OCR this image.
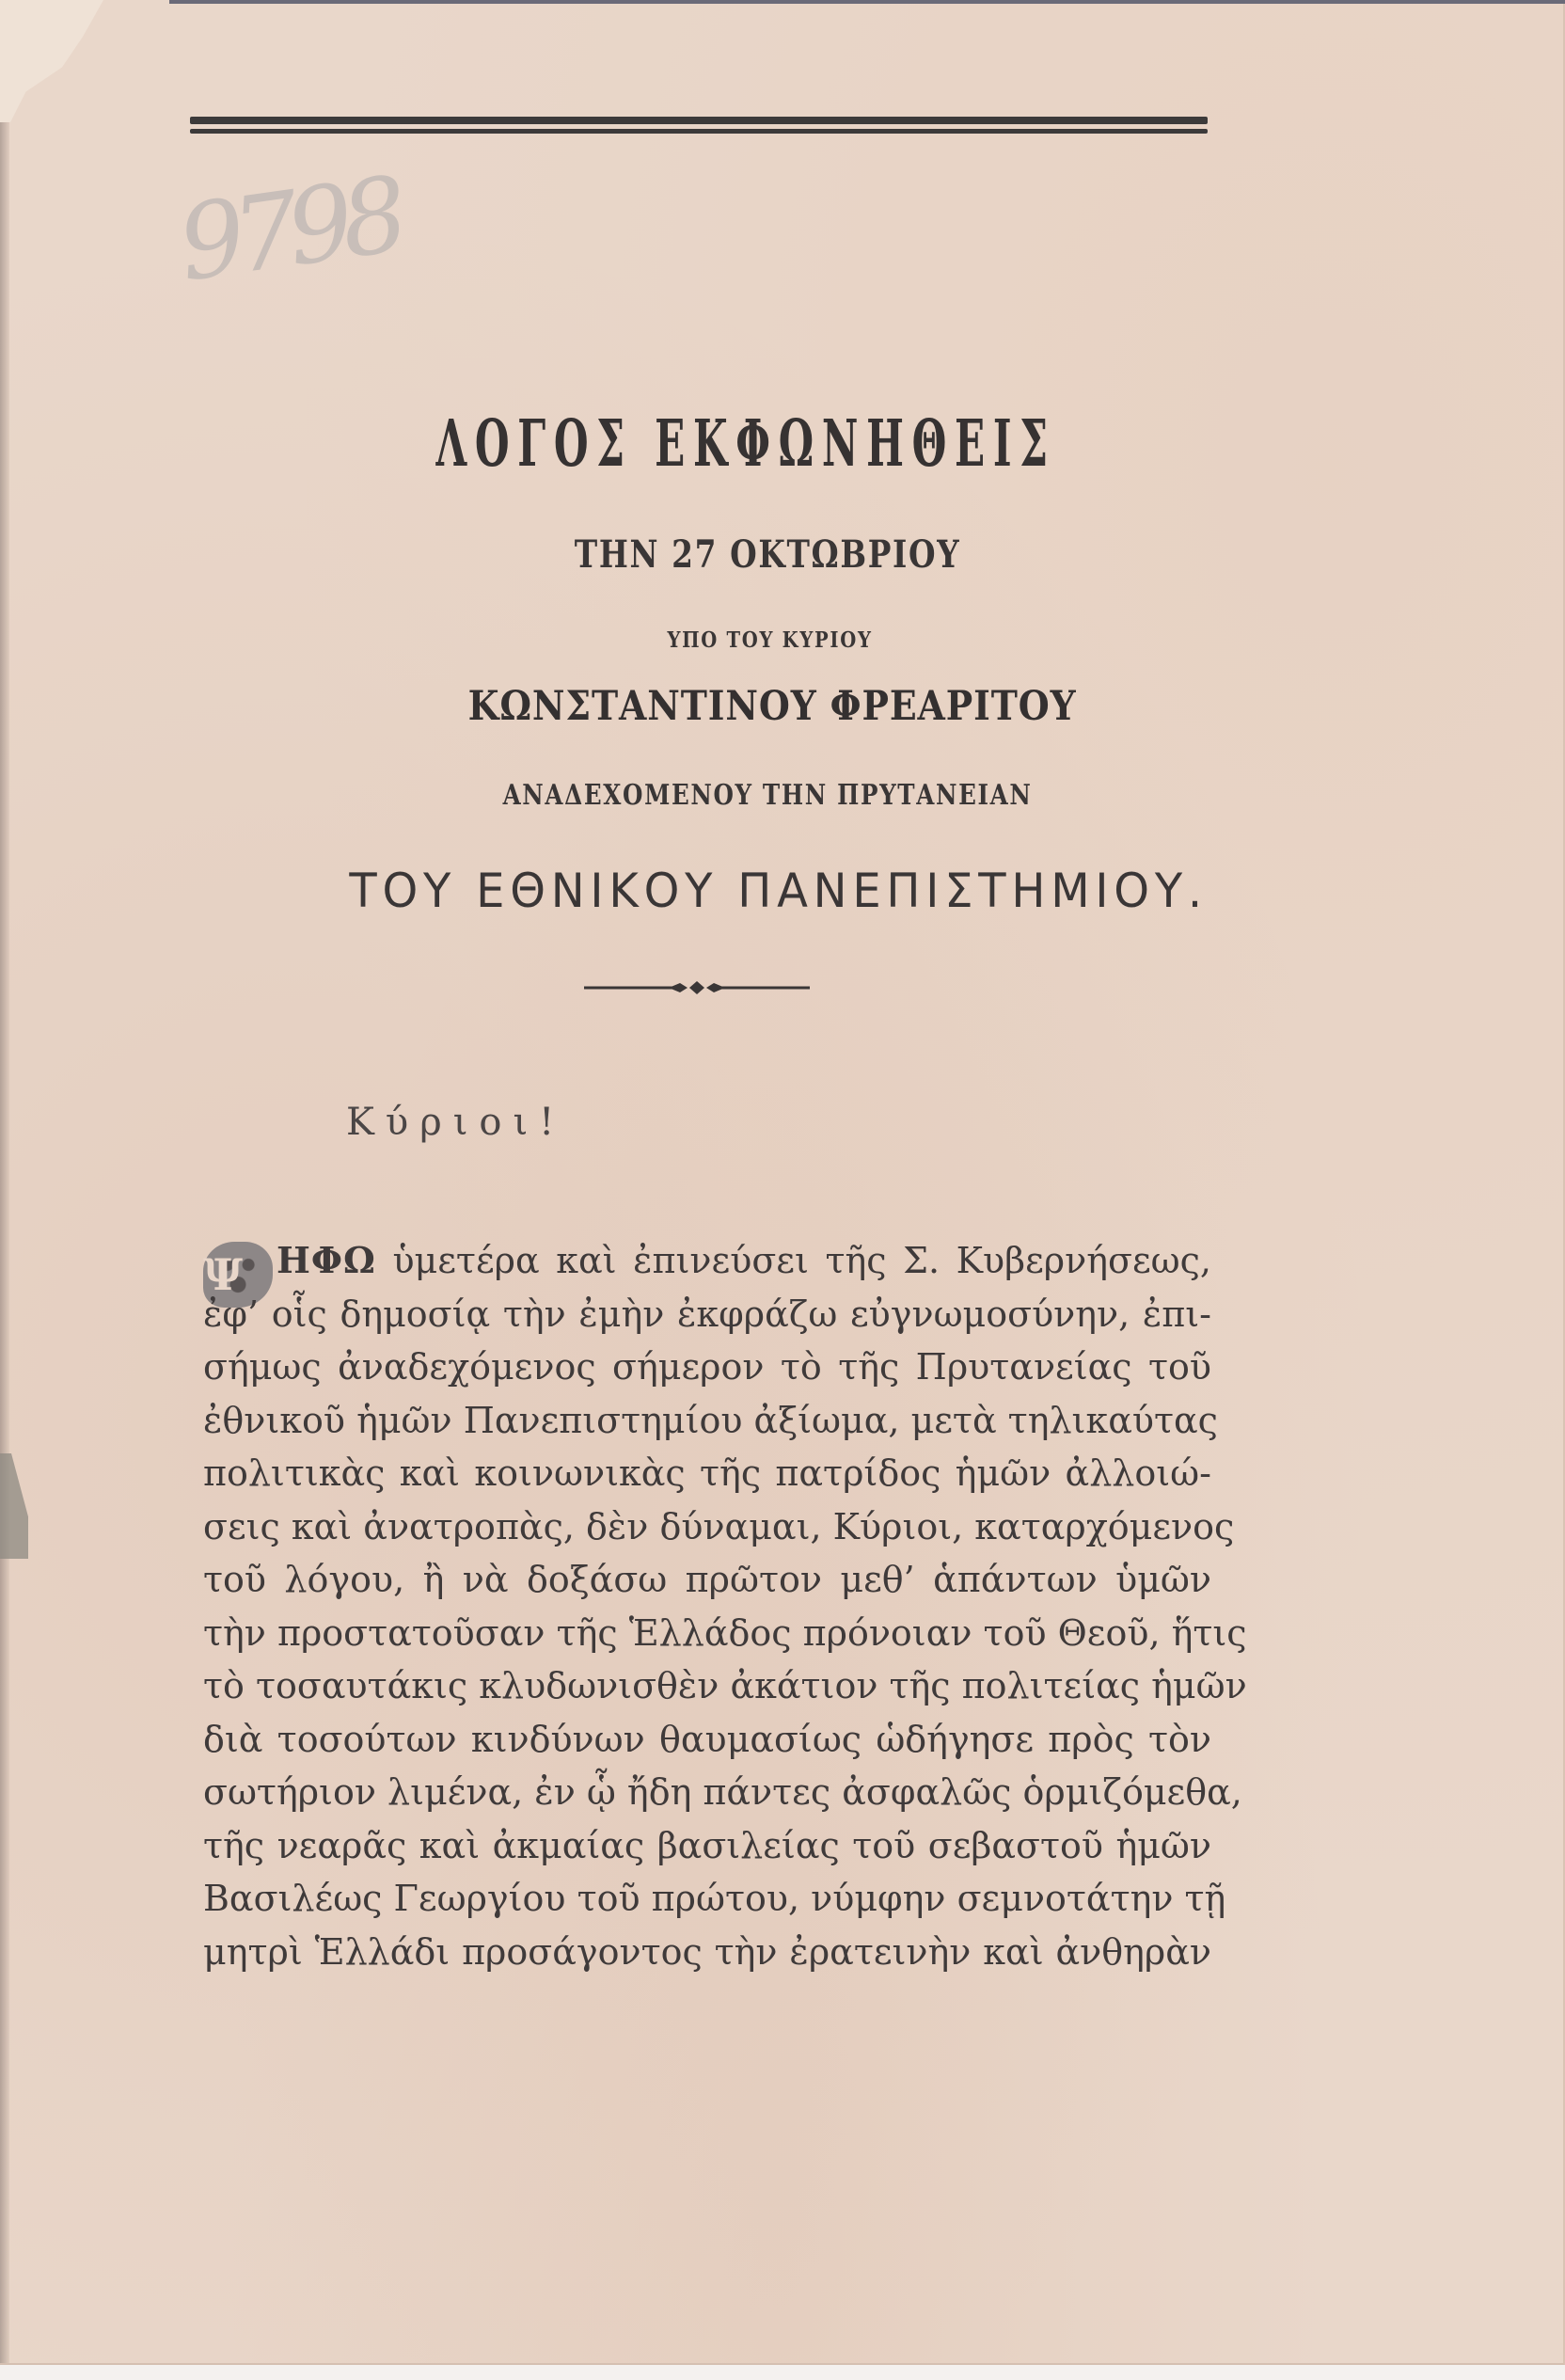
9798
ΛΟΓΟΣ ΕΚΦΩΝΗΘΕΙΣ
ΤΗΝ 27 ΟΚΤΩΒΡΙΟΥ
ΥΠΟ ΤΟΥ ΚΥΡΙΟΥ
ΚΩΝΣΤΑΝΤΙΝΟΥ ΦΡΕΑΡΙΤΟΥ
ΑΝΑΔΕΧΟΜΕΝΟΥ ΤΗΝ ΠΡΥΤΑΝΕΙΑΝ
ΤΟΥ ΕΘΝΙΚΟΥ ΠΑΝΕΠΙΣΤΗΜΙΟΥ.
Κύριοι!
Ψ ΗΦΩ ὑμετέρα καὶ ἐπινεύσει τῆς Σ. Κυβερνήσεως,
ἐφ’ οἷς δημοσίᾳ τὴν ἐμὴν ἐκφράζω εὐγνωμοσύνην, ἐπι-
σήμως ἀναδεχόμενος σήμερον τὸ τῆς Πρυτανείας τοῦ
ἐθνικοῦ ἡμῶν Πανεπιστημίου ἀξίωμα, μετὰ τηλικαύτας
πολιτικὰς καὶ κοινωνικὰς τῆς πατρίδος ἡμῶν ἀλλοιώ-
σεις καὶ ἀνατροπὰς, δὲν δύναμαι, Κύριοι, καταρχόμενος
τοῦ λόγου, ἢ νὰ δοξάσω πρῶτον μεθ’ ἁπάντων ὑμῶν
τὴν προστατοῦσαν τῆς Ἑλλάδος πρόνοιαν τοῦ Θεοῦ, ἥτις
τὸ τοσαυτάκις κλυδωνισθὲν ἀκάτιον τῆς πολιτείας ἡμῶν
διὰ τοσούτων κινδύνων θαυμασίως ὡδήγησε πρὸς τὸν
σωτήριον λιμένα, ἐν ᾧ ἤδη πάντες ἀσφαλῶς ὁρμιζόμεθα,
τῆς νεαρᾶς καὶ ἀκμαίας βασιλείας τοῦ σεβαστοῦ ἡμῶν
Βασιλέως Γεωργίου τοῦ πρώτου, νύμφην σεμνοτάτην τῇ
μητρὶ Ἑλλάδι προσάγοντος τὴν ἐρατεινὴν καὶ ἀνθηρὰν
